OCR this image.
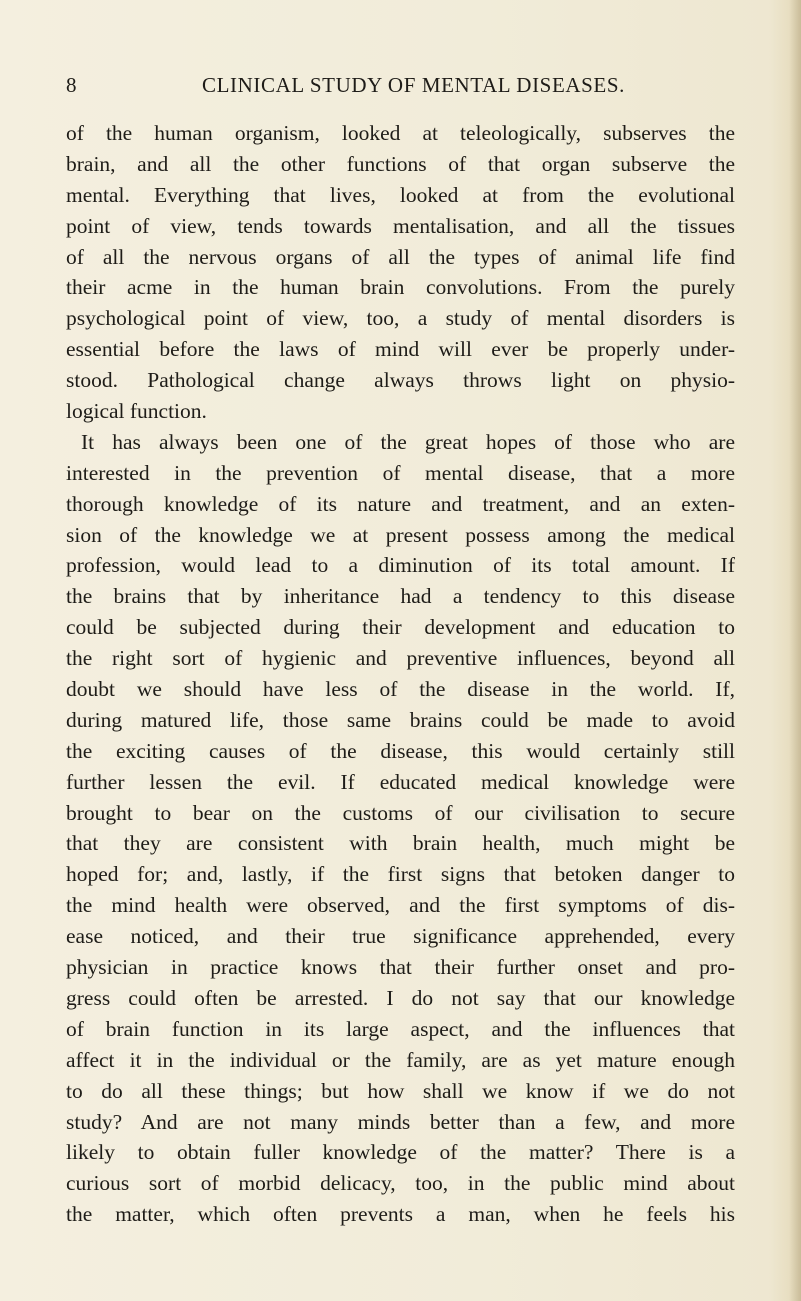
8	CLINICAL STUDY OF MENTAL DISEASES.
of the human organism, looked at teleologically, subserves the
brain, and all the other functions of that organ subserve the
mental. Everything that lives, looked at from the evolutional
point of view, tends towards mentalisation, and all the tissues
of all the nervous organs of all the types of animal life find
their acme in the human brain convolutions. From the purely
psychological point of view, too, a study of mental disorders is
essential before the laws of mind will ever be properly under-
stood. Pathological change always throws light on physio-
logical function.
It has always been one of the great hopes of those who are
interested in the prevention of mental disease, that a more
thorough knowledge of its nature and treatment, and an exten-
sion of the knowledge we at present possess among the medical
profession, would lead to a diminution of its total amount. If
the brains that by inheritance had a tendency to this disease
could be subjected during their development and education to
the right sort of hygienic and preventive influences, beyond all
doubt we should have less of the disease in the world. If,
during matured life, those same brains could be made to avoid
the exciting causes of the disease, this would certainly still
further lessen the evil. If educated medical knowledge were
brought to bear on the customs of our civilisation to secure
that they are consistent with brain health, much might be
hoped for; and, lastly, if the first signs that betoken danger to
the mind health were observed, and the first symptoms of dis-
ease noticed, and their true significance apprehended, every
physician in practice knows that their further onset and pro-
gress could often be arrested. I do not say that our knowledge
of brain function in its large aspect, and the influences that
affect it in the individual or the family, are as yet mature enough
to do all these things; but how shall we know if we do not
study? And are not many minds better than a few, and more
likely to obtain fuller knowledge of the matter? There is a
curious sort of morbid delicacy, too, in the public mind about
the matter, which often prevents a man, when he feels his
